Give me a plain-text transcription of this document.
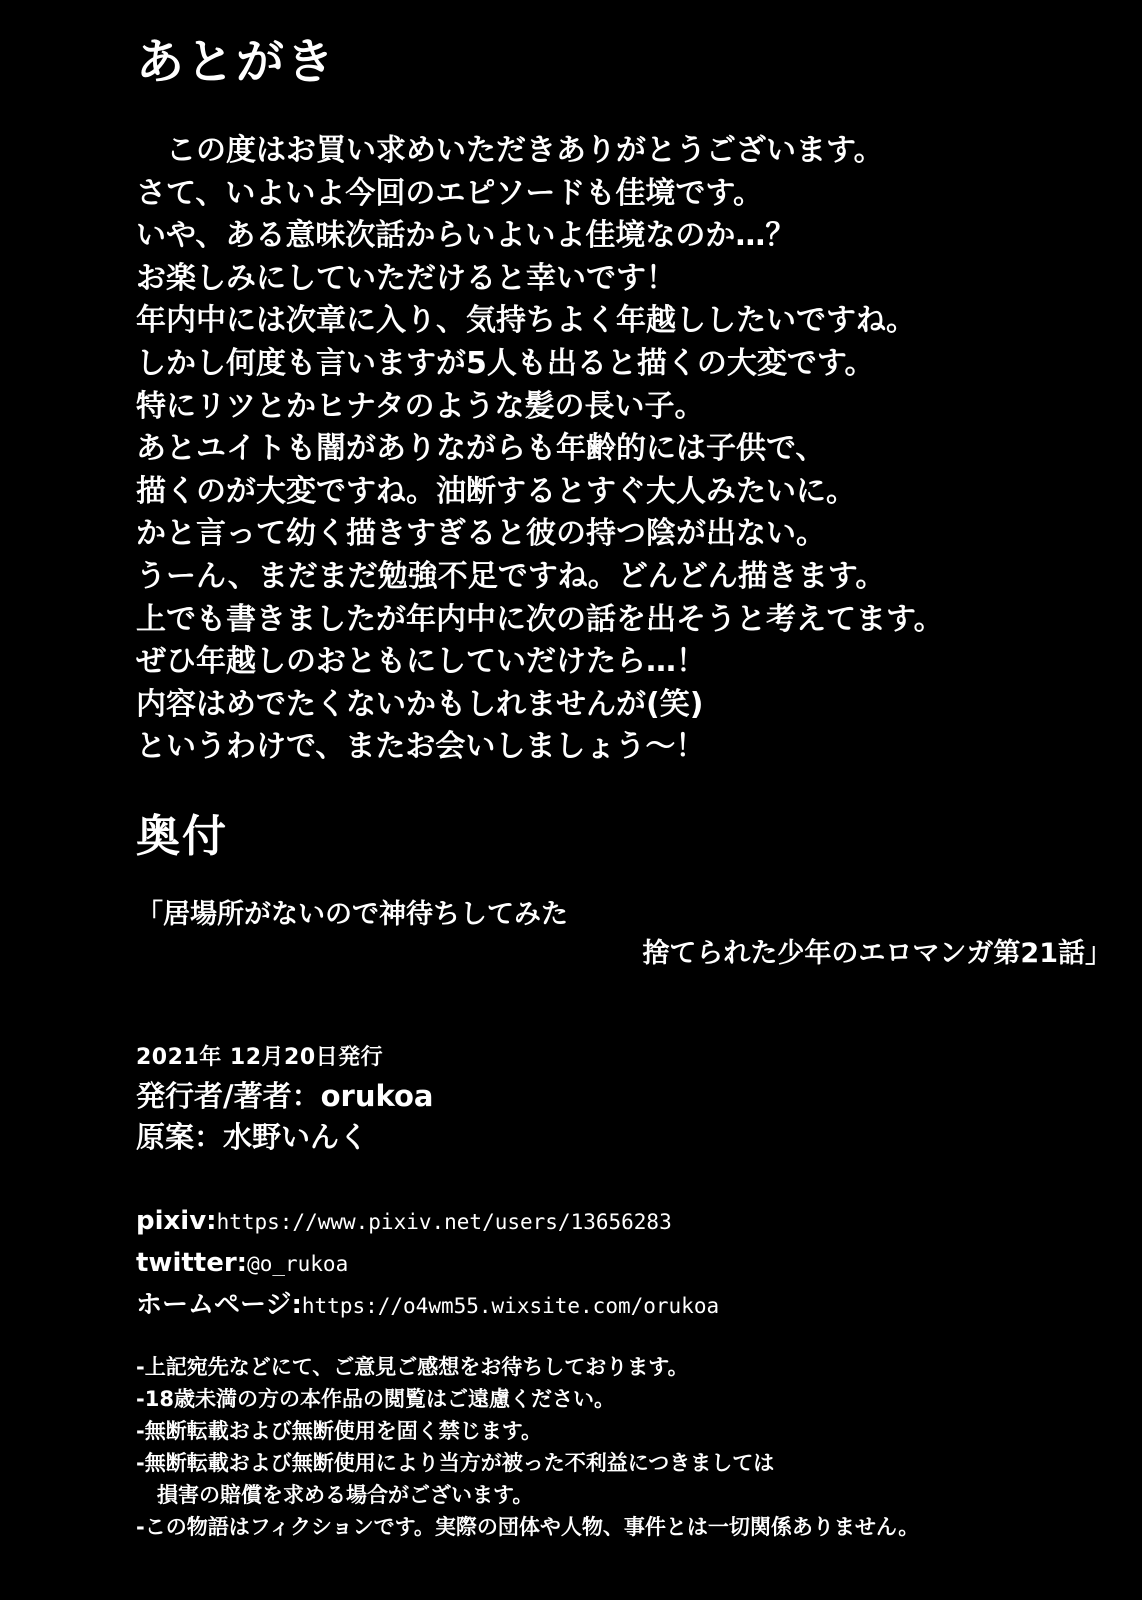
あとがき

　この度はお買い求めいただきありがとうございます。

さて、いよいよ今回のエピソードも佳境です。

いや、ある意味次話からいよいよ佳境なのか…？

お楽しみにしていただけると幸いです！

年内中には次章に入り、気持ちよく年越ししたいですね。

しかし何度も言いますが5人も出ると描くの大変です。

特にリツとかヒナタのような髪の長い子。

あとユイトも闇がありながらも年齢的には子供で、

描くのが大変ですね。油断するとすぐ大人みたいに。

かと言って幼く描きすぎると彼の持つ陰が出ない。

うーん、まだまだ勉強不足ですね。どんどん描きます。

上でも書きましたが年内中に次の話を出そうと考えてます。

ぜひ年越しのおともにしていだけたら…！

内容はめでたくないかもしれませんが(笑)

というわけで、またお会いしましょう〜！

奥付
「居場所がないので神待ちしてみた
捨てられた少年のエロマンガ第21話」
2021年 12月20日発行

発行者/著者：orukoa

原案：水野いんく

pixiv:https://www.pixiv.net/users/13656283
twitter:@o_rukoa
ホームページ:https://o4wm55.wixsite.com/orukoa

-上記宛先などにて、ご意見ご感想をお待ちしております。

-18歳未満の方の本作品の閲覧はご遠慮ください。

-無断転載および無断使用を固く禁じます。

-無断転載および無断使用により当方が被った不利益につきましては

　損害の賠償を求める場合がございます。

-この物語はフィクションです。実際の団体や人物、事件とは一切関係ありません。
